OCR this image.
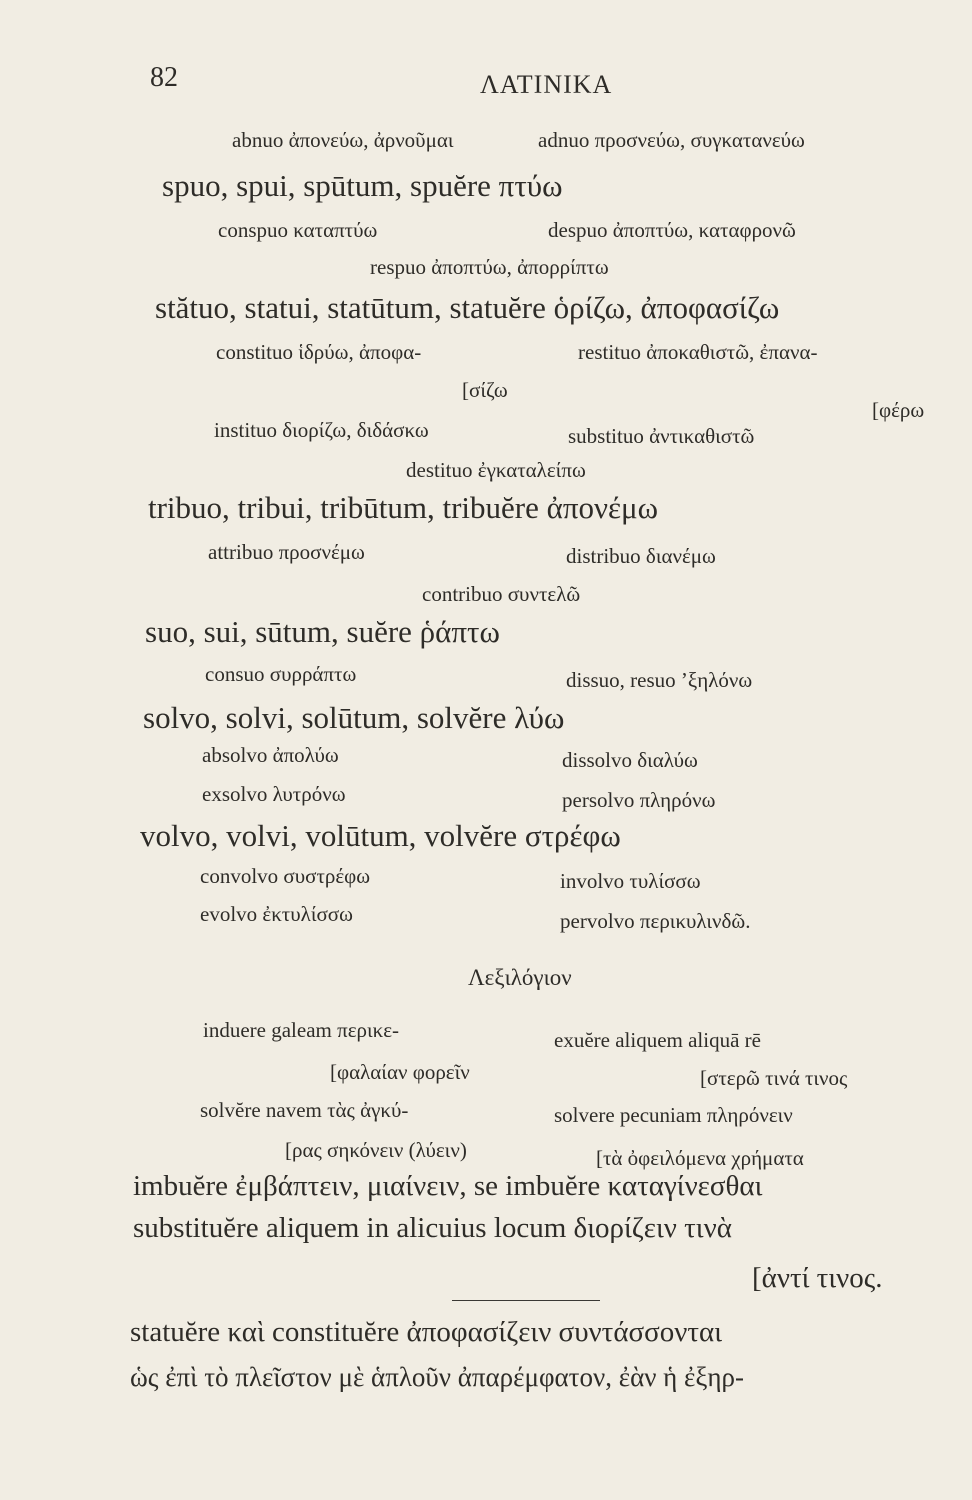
82	ΛΑΤΙΝΙΚΑ
abnuo ἀπονεύω, ἀρνοῦμαι	adnuo προσνεύω, συγκατανεύω
spuo, spui, spūtum, spuĕre πτύω
conspuo καταπτύω	despuo ἀποπτύω, καταφρονῶ
respuo ἀποπτύω, ἀπορρίπτω
stătuo, statui, statūtum, statuĕre ὁρίζω, ἀποφασίζω
constituo ἱδρύω, ἀποφα-	restituo ἀποκαθιστῶ, ἐπανα-
[σίζω
[φέρω
instituo διορίζω, διδάσκω	substituo ἀντικαθιστῶ
destituo ἐγκαταλείπω
tribuo, tribui, tribūtum, tribuĕre ἀπονέμω
attribuo προσνέμω	distribuo διανέμω
contribuo συντελῶ
suo, sui, sūtum, suĕre ῥάπτω
consuo συρράπτω	dissuo, resuo ’ξηλόνω
solvo, solvi, solūtum, solvĕre λύω
absolvo ἀπολύω	dissolvo διαλύω
exsolvo λυτρόνω	persolvo πληρόνω
volvo, volvi, volūtum, volvĕre στρέφω
convolvo συστρέφω	involvo τυλίσσω
evolvo ἐκτυλίσσω	pervolvo περικυλινδῶ.
Λεξιλόγιον
induere galeam περικε-	exuĕre aliquem aliquā rē
[φαλαίαν φορεῖν	[στερῶ τινά τινος
solvĕre navem τὰς ἀγκύ-	solvere pecuniam πληρόνειν
[ρας σηκόνειν (λύειν)	[τὰ ὀφειλόμενα χρήματα
imbuĕre ἐμβάπτειν, μιαίνειν, se imbuĕre καταγίνεσθαι
substituĕre aliquem in alicuius locum διορίζειν τινὰ
[ἀντί τινος.
statuĕre καὶ constituĕre ἀποφασίζειν συντάσσονται
ὡς ἐπὶ τὸ πλεῖστον μὲ ἁπλοῦν ἀπαρέμφατον, ἐὰν ἡ ἐξηρ-
